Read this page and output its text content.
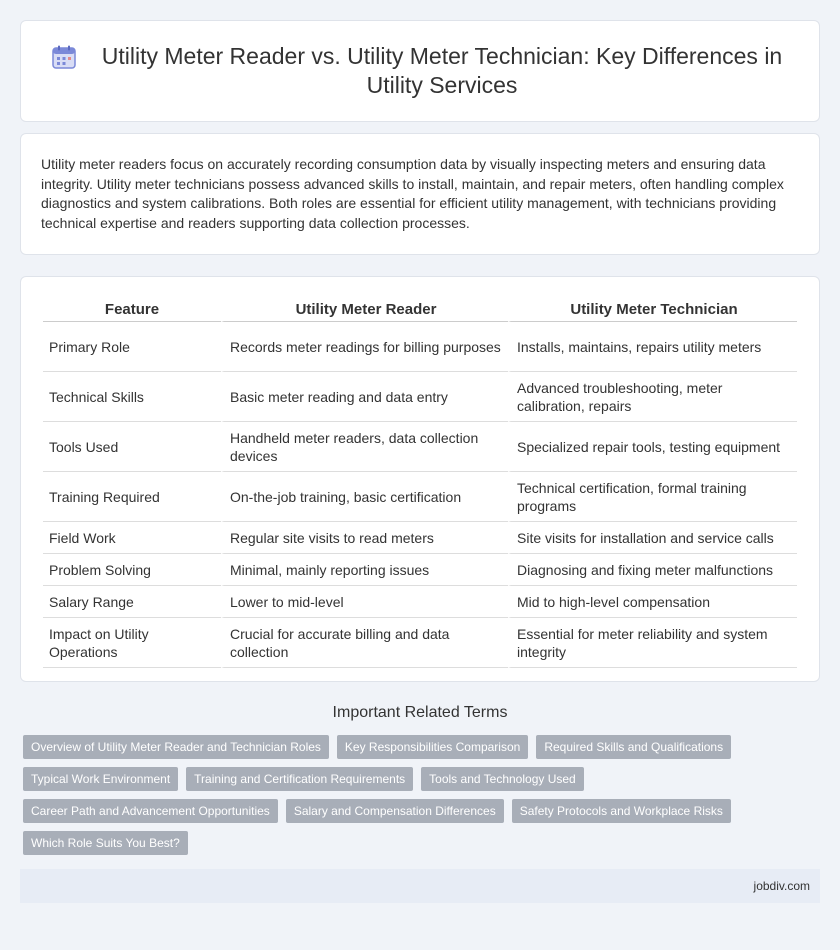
Utility Meter Reader vs. Utility Meter Technician: Key Differences in Utility Services

Utility meter readers focus on accurately recording consumption data by visually inspecting meters and ensuring data integrity. Utility meter technicians possess advanced skills to install, maintain, and repair meters, often handling complex diagnostics and system calibrations. Both roles are essential for efficient utility management, with technicians providing technical expertise and readers supporting data collection processes.

Feature	Utility Meter Reader	Utility Meter Technician
Primary Role	Records meter readings for billing purposes	Installs, maintains, repairs utility meters
Technical Skills	Basic meter reading and data entry	Advanced troubleshooting, meter calibration, repairs
Tools Used	Handheld meter readers, data collection devices	Specialized repair tools, testing equipment
Training Required	On-the-job training, basic certification	Technical certification, formal training programs
Field Work	Regular site visits to read meters	Site visits for installation and service calls
Problem Solving	Minimal, mainly reporting issues	Diagnosing and fixing meter malfunctions
Salary Range	Lower to mid-level	Mid to high-level compensation
Impact on Utility Operations	Crucial for accurate billing and data collection	Essential for meter reliability and system integrity
Important Related Terms
Overview of Utility Meter Reader and Technician Roles	Key Responsibilities Comparison	Required Skills and Qualifications
Typical Work Environment	Training and Certification Requirements	Tools and Technology Used
Career Path and Advancement Opportunities	Salary and Compensation Differences	Safety Protocols and Workplace Risks
Which Role Suits You Best?
jobdiv.com
